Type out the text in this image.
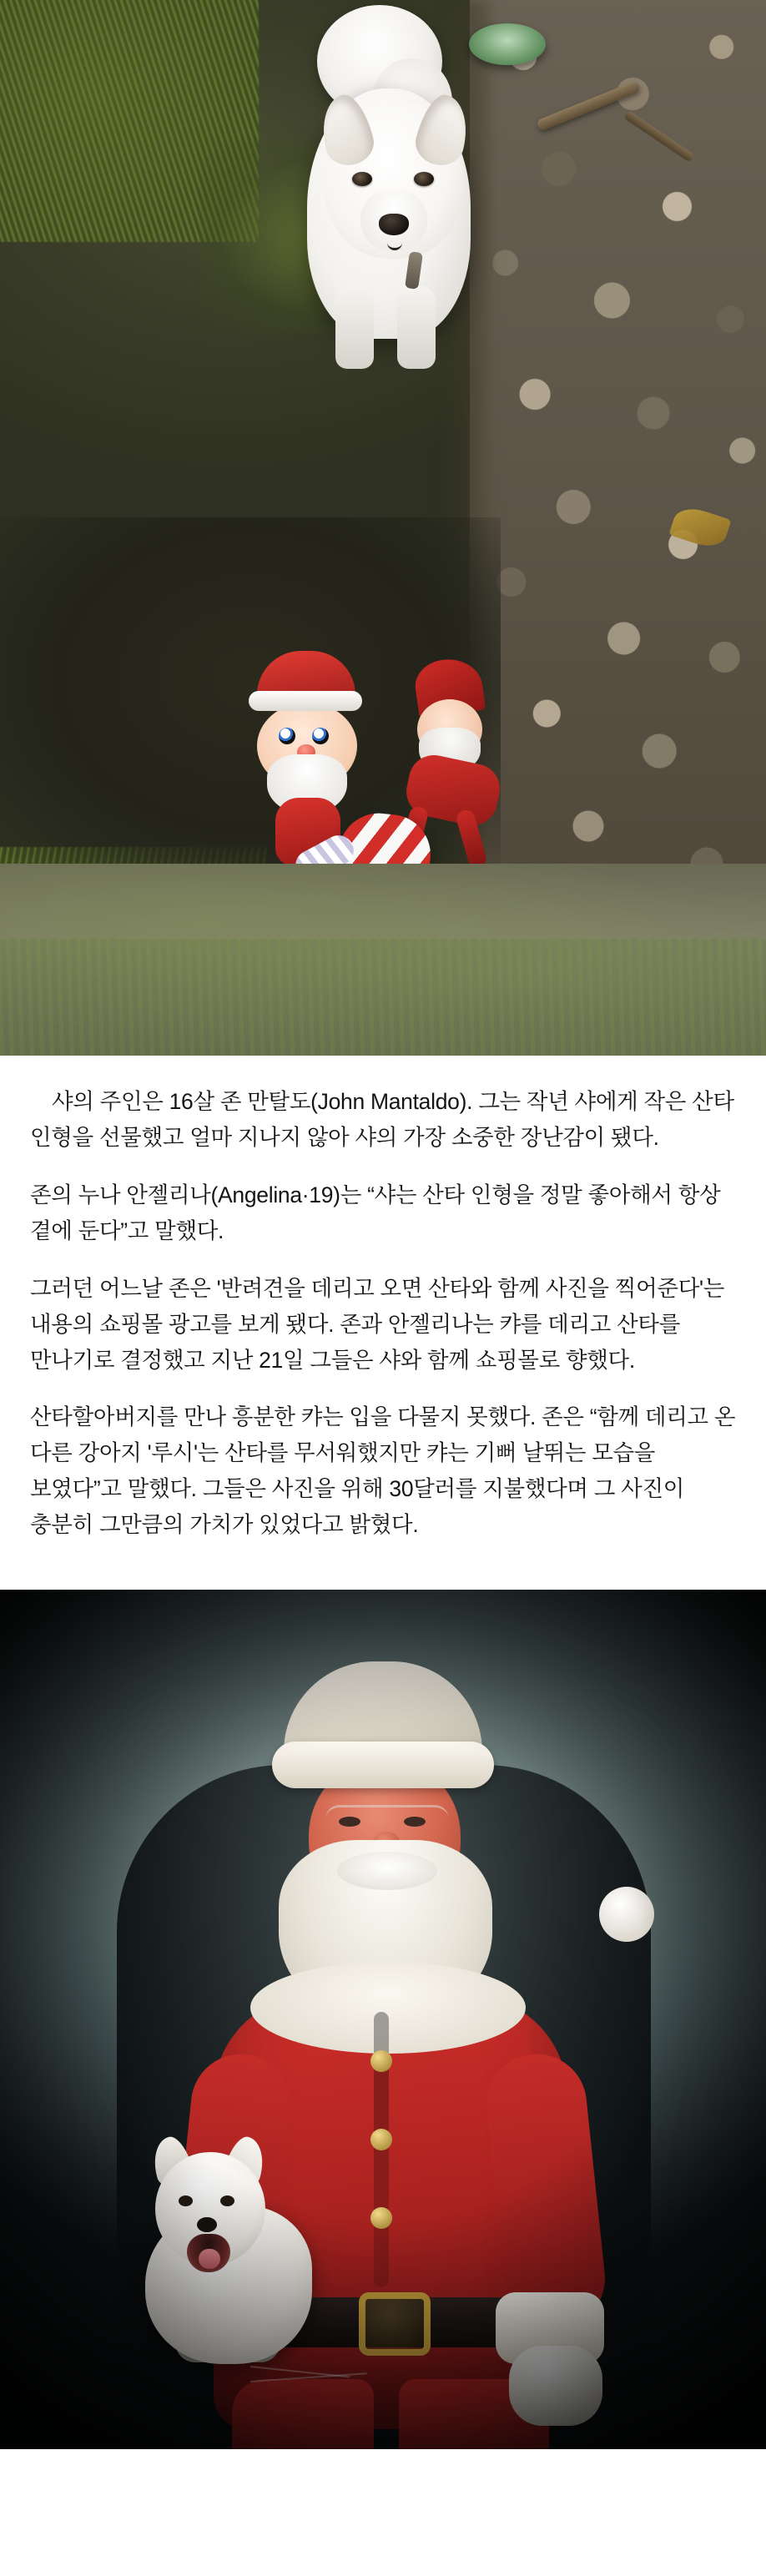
샤의 주인은 16살 존 만탈도(John Mantaldo). 그는 작년 샤에게 작은 산타 인형을 선물했고 얼마 지나지 않아 샤의 가장 소중한 장난감이 됐다.

존의 누나 안젤리나(Angelina·19)는 “샤는 산타 인형을 정말 좋아해서 항상 곁에 둔다”고 말했다.

그러던 어느날 존은 '반려견을 데리고 오면 산타와 함께 사진을 찍어준다'는 내용의 쇼핑몰 광고를 보게 됐다. 존과 안젤리나는 캬를 데리고 산타를 만나기로 결정했고 지난 21일 그들은 샤와 함께 쇼핑몰로 향했다.

산타할아버지를 만나 흥분한 캬는 입을 다물지 못했다. 존은 “함께 데리고 온 다른 강아지 '루시'는 산타를 무서워했지만 캬는 기뻐 날뛰는 모습을 보였다”고 말했다. 그들은 사진을 위해 30달러를 지불했다며 그 사진이 충분히 그만큼의 가치가 있었다고 밝혔다.
